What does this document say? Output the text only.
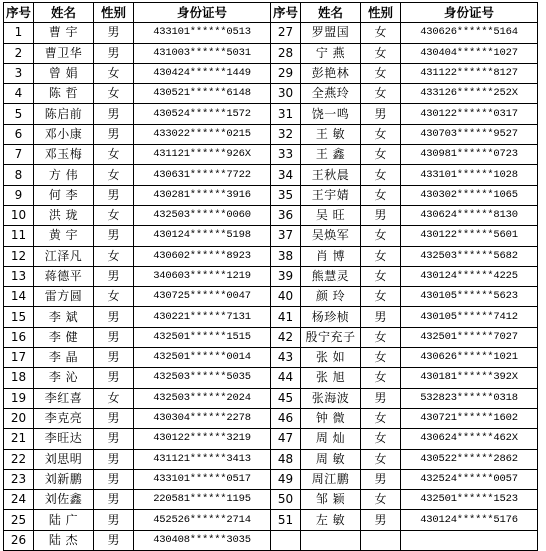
序号	姓名	性别	身份证号	序号	姓名	性别	身份证号
1	曹 宇	男	433101******0513	27	罗盟国	女	430626******5164
2	曹卫华	男	431003******5031	28	宁 燕	女	430404******1027
3	曾 娟	女	430424******1449	29	彭艳林	女	431122******8127
4	陈 哲	女	430521******6148	30	全燕玲	女	433126******252X
5	陈启前	男	430524******1572	31	饶一鸣	男	430122******0317
6	邓小康	男	433022******0215	32	王 敏	女	430703******9527
7	邓玉梅	女	431121******926X	33	王 鑫	女	430981******0723
8	方 伟	女	430631******7722	34	王秋晨	女	433101******1028
9	何 李	男	430281******3916	35	王宇婧	女	430302******1065
10	洪 珑	女	432503******0060	36	吴 旺	男	430624******8130
11	黄 宇	男	430124******5198	37	吴焕军	女	430122******5601
12	江泽凡	女	430602******8923	38	肖 博	女	432503******5682
13	蒋德平	男	340603******1219	39	熊慧灵	女	430124******4225
14	雷方圆	女	430725******0047	40	颜 玲	女	430105******5623
15	李 斌	男	430221******7131	41	杨珍桢	男	430105******7412
16	李 健	男	432501******1515	42	殷宁充子	女	432501******7027
17	李 晶	男	432501******0014	43	张 如	女	430626******1021
18	李 沁	男	432503******5035	44	张 旭	女	430181******392X
19	李红喜	女	432503******2024	45	张海波	男	532823******0318
20	李克亮	男	430304******2278	46	钟 微	女	430721******1602
21	李旺达	男	430122******3219	47	周 灿	女	430624******462X
22	刘思明	男	431121******3413	48	周 敏	女	430522******2862
23	刘新鹏	男	433101******0517	49	周江鹏	男	432524******0057
24	刘佐鑫	男	220581******1195	50	邹 颖	女	432501******1523
25	陆 广	男	452526******2714	51	左 敏	男	430124******5176
26	陆 杰	男	430408******3035				
